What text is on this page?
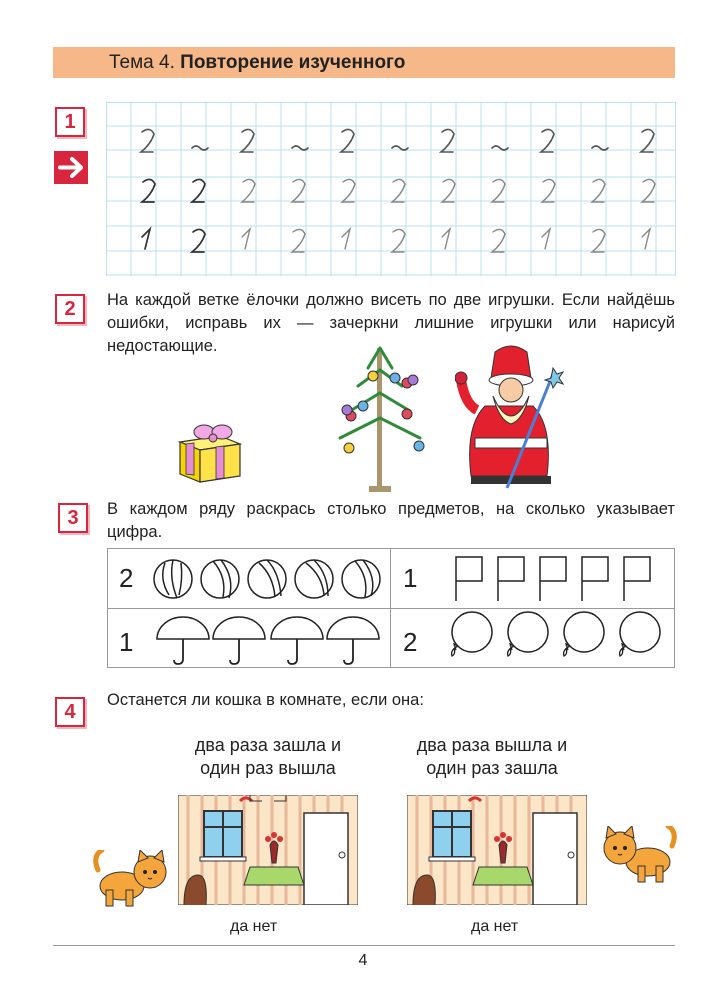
Тема 4. Повторение изученного
1
2	На каждой ветке ёлочки должно висеть по две игрушки. Если найдёшь ошибки, исправь их — зачеркни лишние игрушки или нарисуй недостающие.
3	В каждом ряду раскрась столько предметов, на сколько указывает цифра.
2	1
1	2
4
Останется ли кошка в комнате, если она:
два раза зашла и
один раз вышла
два раза вышла и
один раз зашла
да нет	да нет
4
